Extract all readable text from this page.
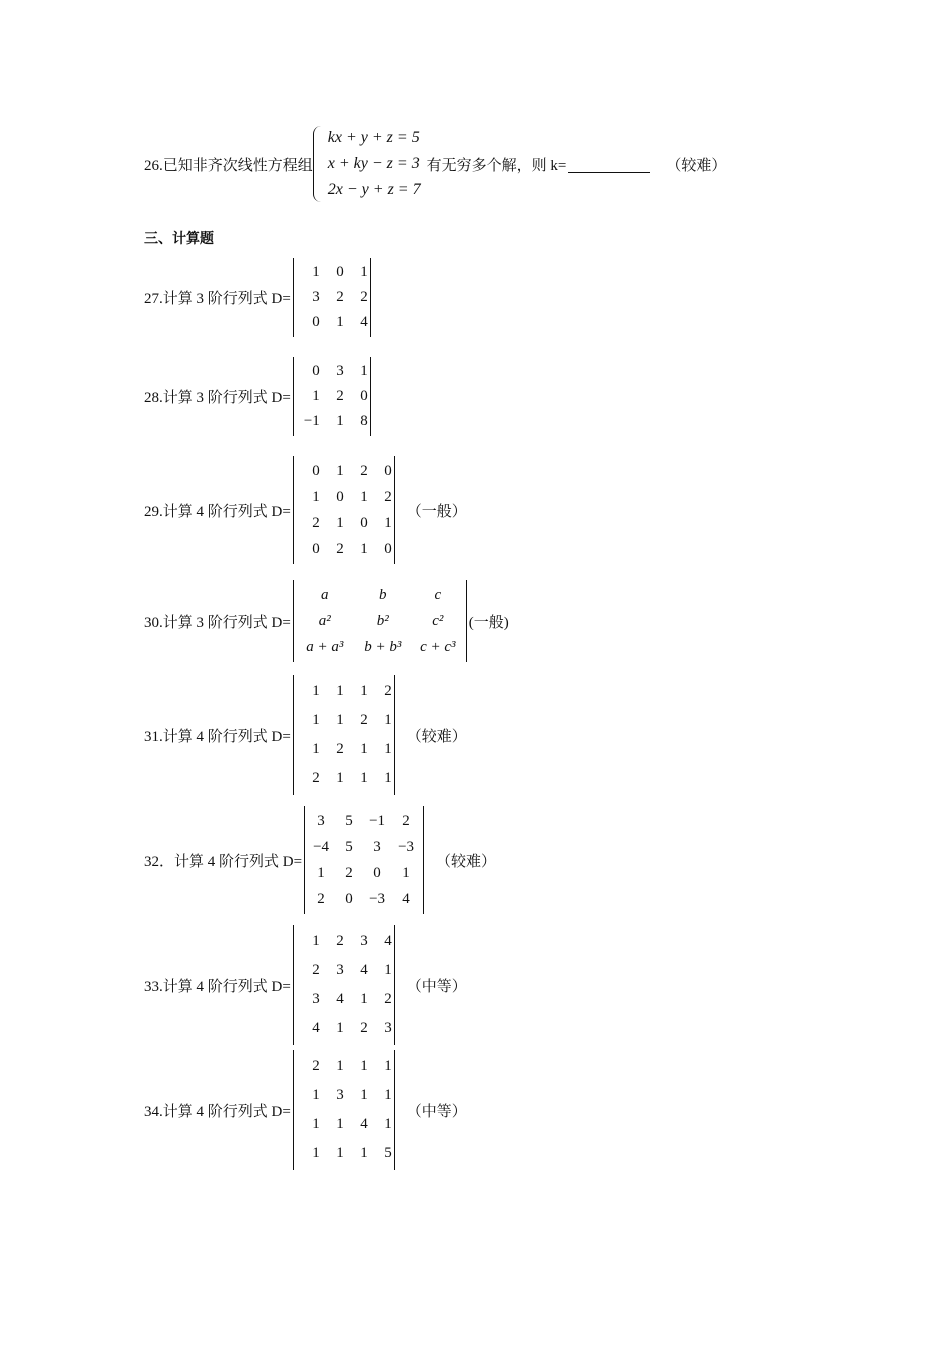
26.已知非齐次线性方程组
kx + y + z = 5
x + ky − z = 3
2x − y + z = 7
有无穷多个解，则 k=	（较难）
三、计算题
27.计算 3 阶行列式 D=
1	0	1
3	2	2
0	1	4
28.计算 3 阶行列式 D=
0	3	1
1	2	0
−1	1	8
29.计算 4 阶行列式 D=
0	1	2	0
1	0	1	2
2	1	0	1
0	2	1	0
（一般）
30.计算 3 阶行列式 D=
a	b	c
a²	b²	c²
a + a³	b + b³	c + c³
(一般)
31.计算 4 阶行列式 D=
1	1	1	2
1	1	2	1
1	2	1	1
2	1	1	1
（较难）
32．计算 4 阶行列式 D=
3	5	−1	2
−4	5	3	−3
1	2	0	1
2	0	−3	4
（较难）
33.计算 4 阶行列式 D=
1	2	3	4
2	3	4	1
3	4	1	2
4	1	2	3
（中等）
34.计算 4 阶行列式 D=
2	1	1	1
1	3	1	1
1	1	4	1
1	1	1	5
（中等）
